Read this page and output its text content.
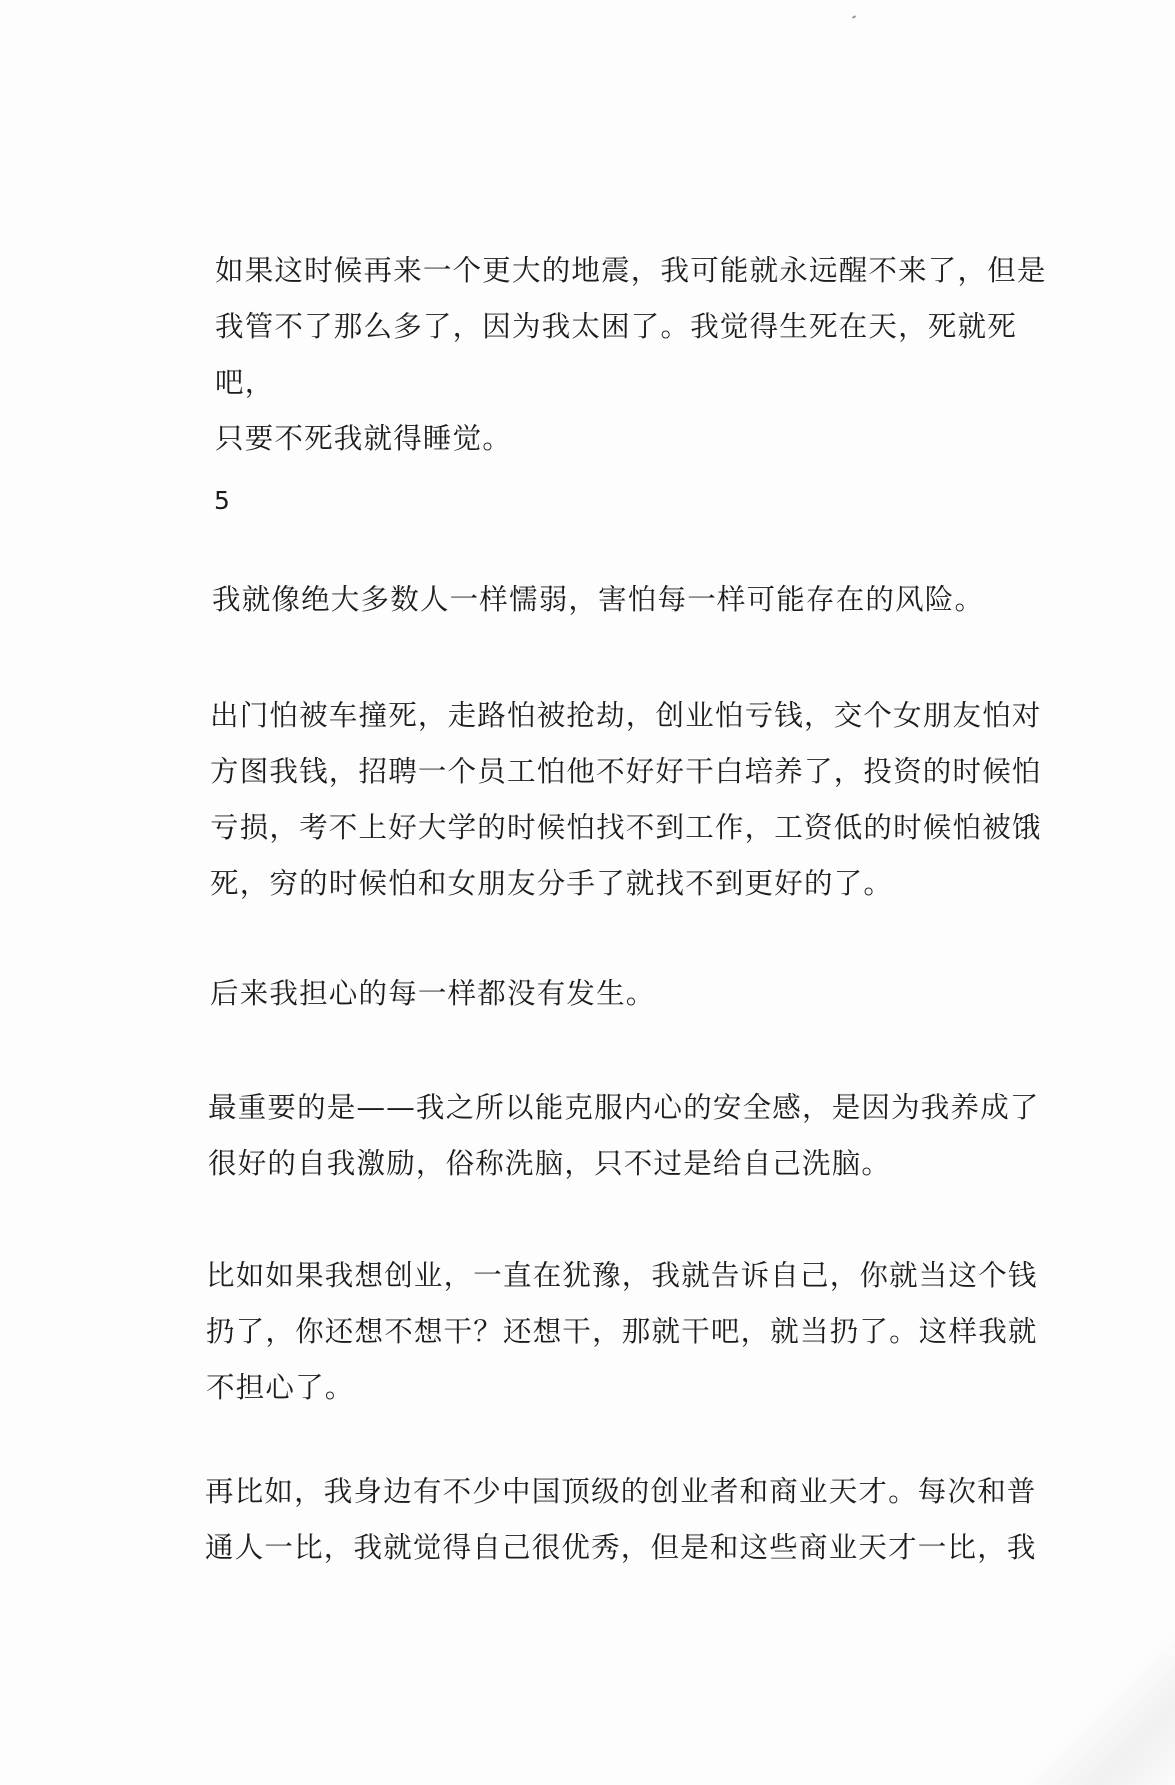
如果这时候再来一个更大的地震，我可能就永远醒不来了，但是
我管不了那么多了，因为我太困了。我觉得生死在天，死就死吧，
只要不死我就得睡觉。

5

我就像绝大多数人一样懦弱，害怕每一样可能存在的风险。

出门怕被车撞死，走路怕被抢劫，创业怕亏钱，交个女朋友怕对
方图我钱，招聘一个员工怕他不好好干白培养了，投资的时候怕
亏损，考不上好大学的时候怕找不到工作，工资低的时候怕被饿
死，穷的时候怕和女朋友分手了就找不到更好的了。

后来我担心的每一样都没有发生。

最重要的是——我之所以能克服内心的安全感，是因为我养成了
很好的自我激励，俗称洗脑，只不过是给自己洗脑。

比如如果我想创业，一直在犹豫，我就告诉自己，你就当这个钱
扔了，你还想不想干？还想干，那就干吧，就当扔了。这样我就
不担心了。

再比如，我身边有不少中国顶级的创业者和商业天才。每次和普
通人一比，我就觉得自己很优秀，但是和这些商业天才一比，我
